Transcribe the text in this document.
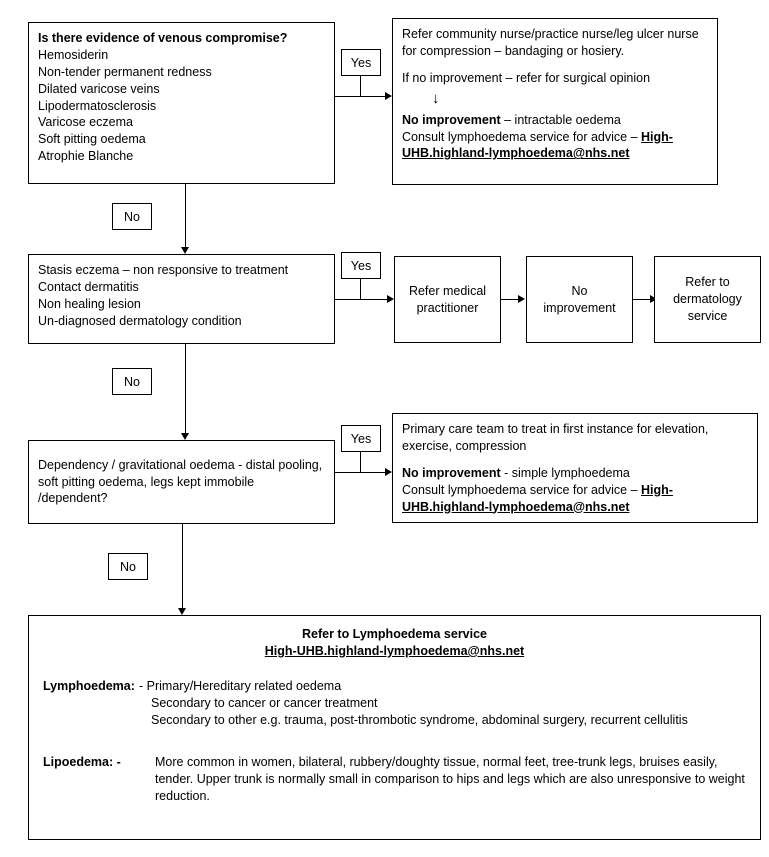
Is there evidence of venous compromise?
Hemosiderin
Non-tender permanent redness
Dilated varicose veins
Lipodermatosclerosis
Varicose eczema
Soft pitting oedema
Atrophie Blanche
Refer community nurse/practice nurse/leg ulcer nurse for compression – bandaging or hosiery.
If no improvement – refer for surgical opinion
↓
No improvement – intractable oedema
Consult lymphoedema service for advice – High-UHB.highland-lymphoedema@nhs.net
Yes
No
Stasis eczema – non responsive to treatment
Contact dermatitis
Non healing lesion
Un-diagnosed dermatology condition
Yes
Refer medical practitioner
No improvement
Refer to dermatology service
No
Dependency / gravitational oedema - distal pooling, soft pitting oedema, legs kept immobile /dependent?
Yes
Primary care team to treat in first instance for elevation, exercise, compression
No improvement - simple lymphoedema
Consult lymphoedema service for advice – High-UHB.highland-lymphoedema@nhs.net
No
Refer to Lymphoedema service
High-UHB.highland-lymphoedema@nhs.net
Lymphoedema: - Primary/Hereditary related oedema
Secondary to cancer or cancer treatment
Secondary to other e.g. trauma, post-thrombotic syndrome, abdominal surgery, recurrent cellulitis
Lipoedema: -	More common in women, bilateral, rubbery/doughty tissue, normal feet, tree-trunk legs, bruises easily, tender. Upper trunk is normally small in comparison to hips and legs which are also unresponsive to weight reduction.
